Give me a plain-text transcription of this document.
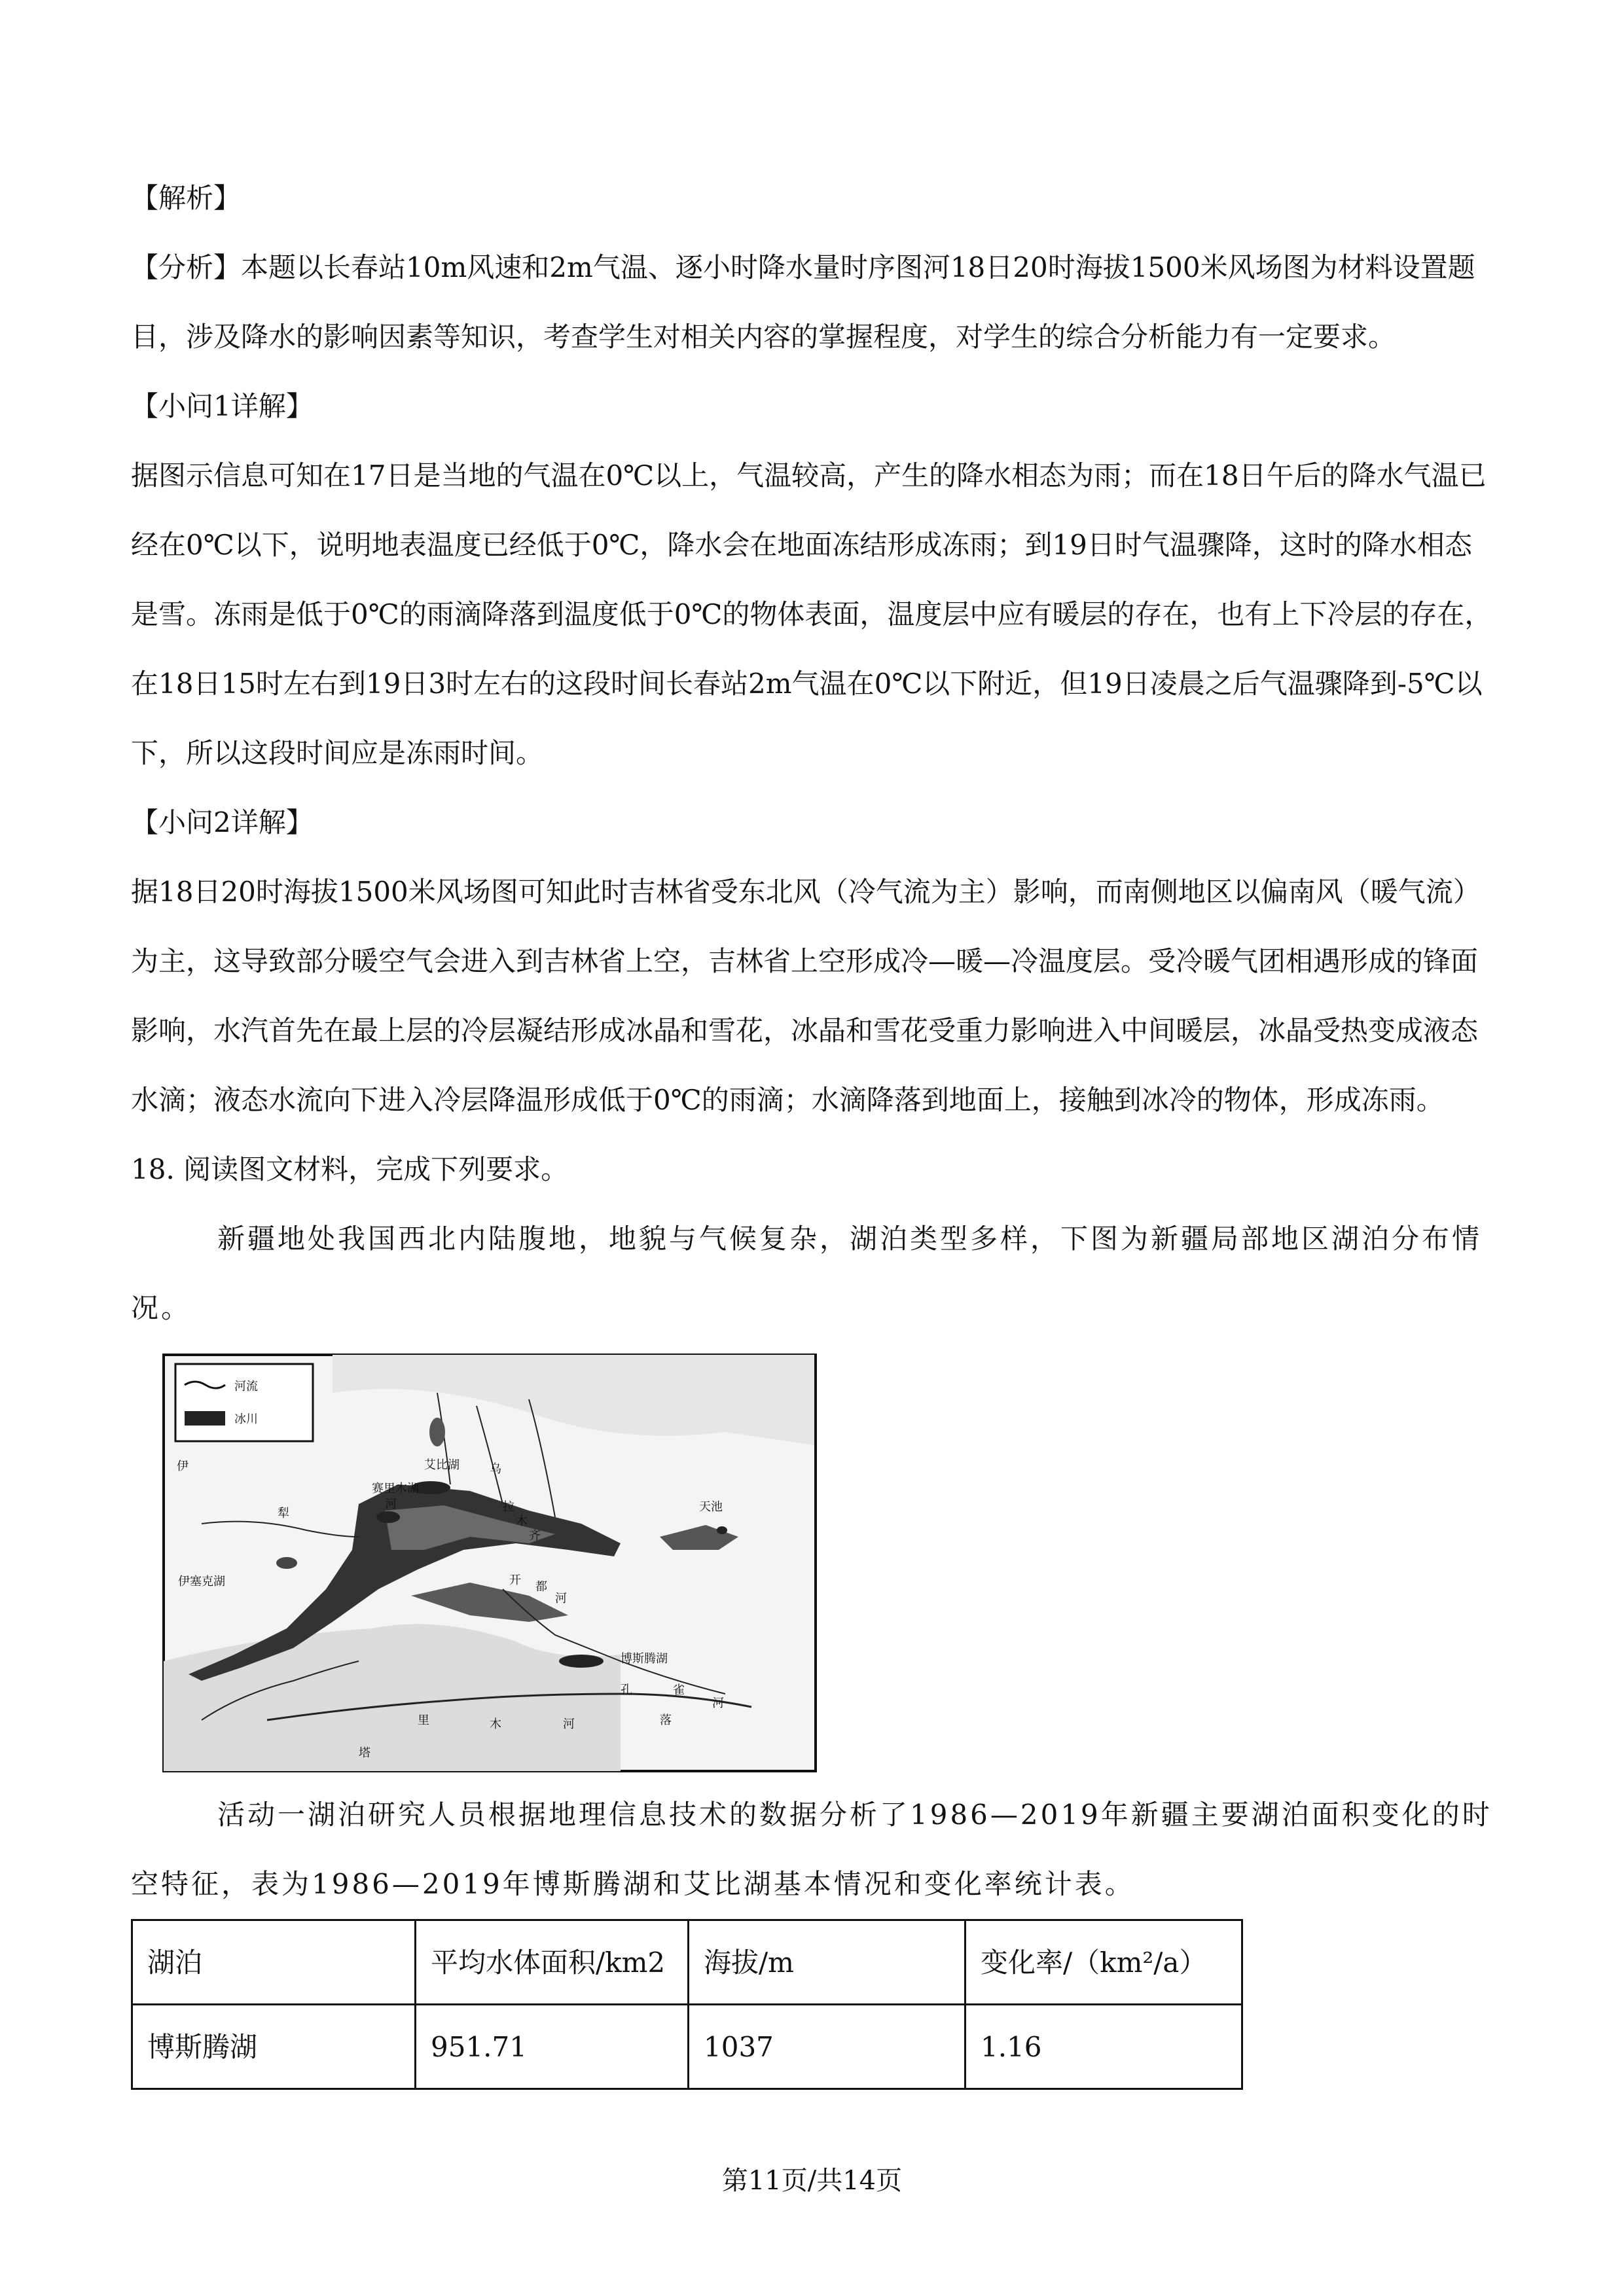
【解析】

【分析】本题以长春站10m风速和2m气温、逐小时降水量时序图河18日20时海拔1500米风场图为材料设置题目，涉及降水的影响因素等知识，考查学生对相关内容的掌握程度，对学生的综合分析能力有一定要求。

【小问1详解】

据图示信息可知在17日是当地的气温在0℃以上，气温较高，产生的降水相态为雨；而在18日午后的降水气温已经在0℃以下，说明地表温度已经低于0℃，降水会在地面冻结形成冻雨；到19日时气温骤降，这时的降水相态是雪。冻雨是低于0℃的雨滴降落到温度低于0℃的物体表面，温度层中应有暖层的存在，也有上下冷层的存在，在18日15时左右到19日3时左右的这段时间长春站2m气温在0℃以下附近，但19日凌晨之后气温骤降到-5℃以下，所以这段时间应是冻雨时间。

【小问2详解】

据18日20时海拔1500米风场图可知此时吉林省受东北风（冷气流为主）影响，而南侧地区以偏南风（暖气流）为主，这导致部分暖空气会进入到吉林省上空，吉林省上空形成冷—暖—冷温度层。受冷暖气团相遇形成的锋面影响，水汽首先在最上层的冷层凝结形成冰晶和雪花，冰晶和雪花受重力影响进入中间暖层，冰晶受热变成液态水滴；液态水流向下进入冷层降温形成低于0℃的雨滴；水滴降落到地面上，接触到冰冷的物体，形成冻雨。

18. 阅读图文材料，完成下列要求。

新疆地处我国西北内陆腹地，地貌与气候复杂，湖泊类型多样，下图为新疆局部地区湖泊分布情况。

河流
冰川
伊
犁
河
艾比湖
赛里木湖
乌
拉
木
齐
天池
伊塞克湖	开 都
河
博斯腾湖
孔	雀
河
塔
里	木	河	落

活动一湖泊研究人员根据地理信息技术的数据分析了1986—2019年新疆主要湖泊面积变化的时空特征，表为1986—2019年博斯腾湖和艾比湖基本情况和变化率统计表。

湖泊	平均水体面积/km2	海拔/m	变化率/（km²/a）
博斯腾湖	951.71	1037	1.16
第11页/共14页
